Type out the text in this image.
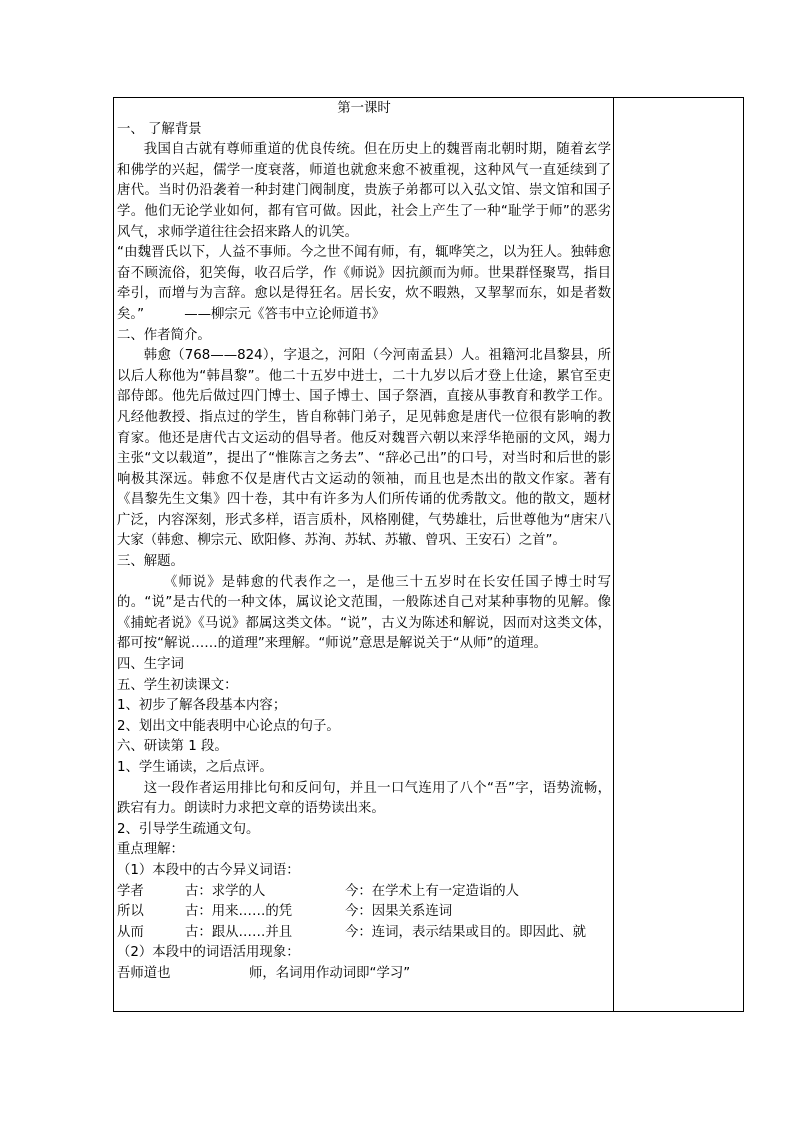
第一课时
一、 了解背景
我国自古就有尊师重道的优良传统。但在历史上的魏晋南北朝时期，随着玄学和佛学的兴起，儒学一度衰落，师道也就愈来愈不被重视，这种风气一直延续到了唐代。当时仍沿袭着一种封建门阀制度，贵族子弟都可以入弘文馆、崇文馆和国子学。他们无论学业如何，都有官可做。因此，社会上产生了一种“耻学于师”的恶劣风气，求师学道往往会招来路人的讥笑。
“由魏晋氏以下，人益不事师。今之世不闻有师，有，辄哗笑之，以为狂人。独韩愈奋不顾流俗，犯笑侮，收召后学，作《师说》因抗颜而为师。世果群怪聚骂，指目牵引，而增与为言辞。愈以是得狂名。居长安，炊不暇熟，又挈挈而东，如是者数矣。”　　　——柳宗元《答韦中立论师道书》
二、作者简介。
韩愈（768——824），字退之，河阳（今河南孟县）人。祖籍河北昌黎县，所以后人称他为“韩昌黎”。他二十五岁中进士，二十九岁以后才登上仕途，累官至吏部侍郎。他先后做过四门博士、国子博士、国子祭酒，直接从事教育和教学工作。凡经他教授、指点过的学生，皆自称韩门弟子，足见韩愈是唐代一位很有影响的教育家。他还是唐代古文运动的倡导者。他反对魏晋六朝以来浮华艳丽的文风，竭力主张“文以载道”，提出了“惟陈言之务去”、“辞必己出”的口号，对当时和后世的影响极其深远。韩愈不仅是唐代古文运动的领袖，而且也是杰出的散文作家。著有《昌黎先生文集》四十卷，其中有许多为人们所传诵的优秀散文。他的散文，题材广泛，内容深刻，形式多样，语言质朴，风格刚健，气势雄壮，后世尊他为“唐宋八大家（韩愈、柳宗元、欧阳修、苏洵、苏轼、苏辙、曾巩、王安石）之首”。
三、解题。
《师说》是韩愈的代表作之一，是他三十五岁时在长安任国子博士时写的。“说”是古代的一种文体，属议论文范围，一般陈述自己对某种事物的见解。像《捕蛇者说》《马说》都属这类文体。“说”，古义为陈述和解说，因而对这类文体，都可按“解说……的道理”来理解。“师说”意思是解说关于“从师”的道理。
四、生字词
五、学生初读课文：
1、初步了解各段基本内容；
2、划出文中能表明中心论点的句子。
六、研读第 1 段。
1、学生诵读，之后点评。
这一段作者运用排比句和反问句，并且一口气连用了八个“吾”字，语势流畅，跌宕有力。朗读时力求把文章的语势读出来。
2、引导学生疏通文句。
重点理解：
（1）本段中的古今异义词语：
学者	古：求学的人	今：在学术上有一定造诣的人
所以	古：用来……的凭	今：因果关系连词
从而	古：跟从……并且	今：连词，表示结果或目的。即因此、就
（2）本段中的词语活用现象：
吾师道也	师，名词用作动词即“学习”
